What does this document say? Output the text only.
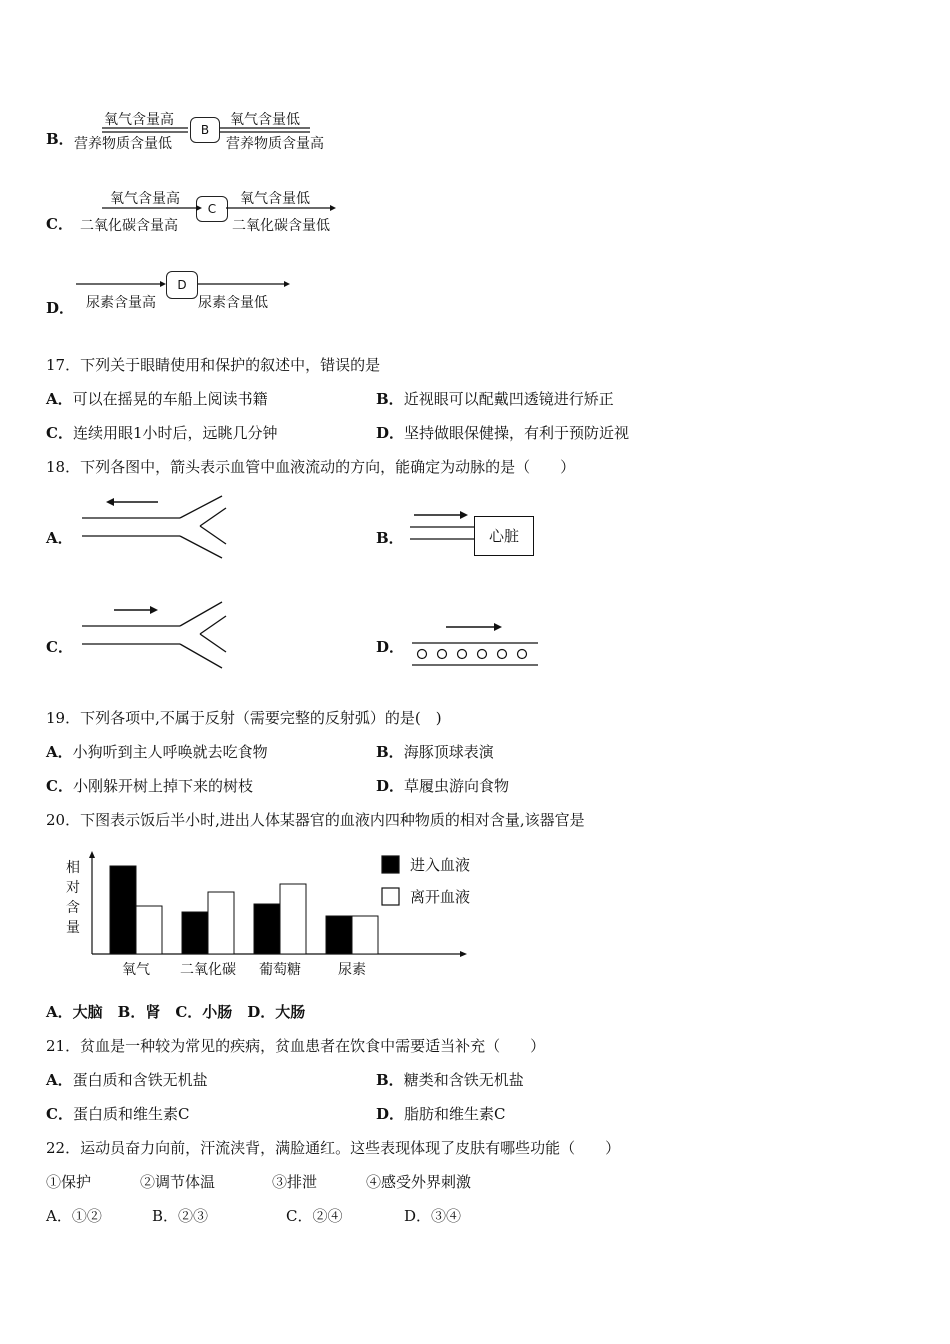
B．
氧气含量高
营养物质含量低
B
氧气含量低
营养物质含量高
C．
氧气含量高
二氧化碳含量高
C
氧气含量低
二氧化碳含量低
D．
D
尿素含量高	尿素含量低
17．下列关于眼睛使用和保护的叙述中，错误的是
A．可以在摇晃的车船上阅读书籍	B．近视眼可以配戴凹透镜进行矫正
C．连续用眼1小时后，远眺几分钟	D．坚持做眼保健操，有利于预防近视
18．下列各图中，箭头表示血管中血液流动的方向，能确定为动脉的是（　　）
A．	B．	心脏
C．	D．
19．下列各项中,不属于反射（需要完整的反射弧）的是(　)
A．小狗听到主人呼唤就去吃食物	B．海豚顶球表演
C．小刚躲开树上掉下来的树枝	D．草履虫游向食物
20．下图表示饭后半小时,进出人体某器官的血液内四种物质的相对含量,该器官是
相
对
含
量
氧气 二氧化碳 葡萄糖	尿素
进入血液
离开血液
A．大脑　B．肾　C．小肠　D．大肠
21．贫血是一种较为常见的疾病，贫血患者在饮食中需要适当补充（　　）
A．蛋白质和含铁无机盐	B．糖类和含铁无机盐
C．蛋白质和维生素C	D．脂肪和维生素C
22．运动员奋力向前，汗流浃背，满脸通红。这些表现体现了皮肤有哪些功能（　　）
①保护	②调节体温	③排泄	④感受外界刺激
A．①②	B．②③	C．②④	D．③④
